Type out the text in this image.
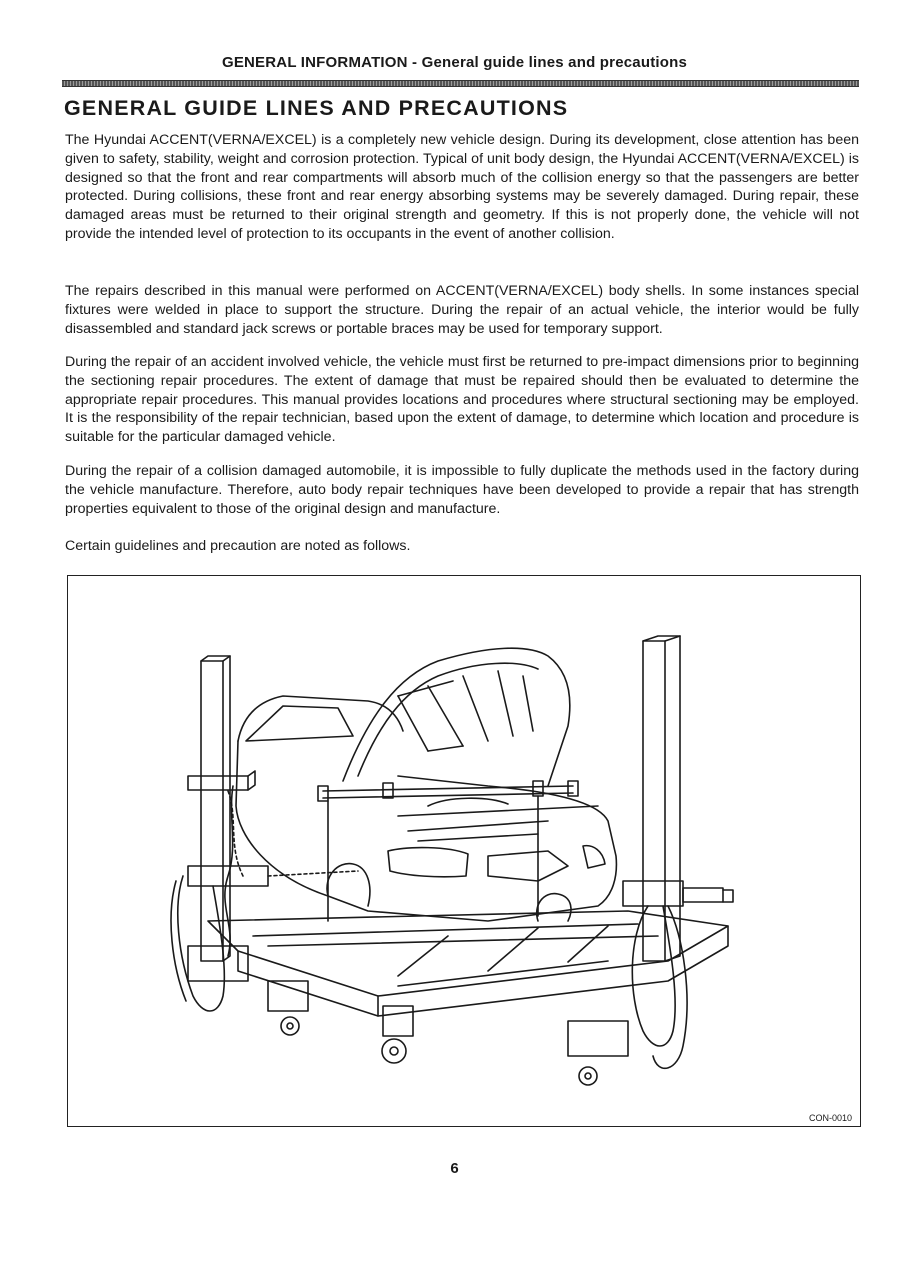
GENERAL INFORMATION - General guide lines and precautions
GENERAL GUIDE LINES AND PRECAUTIONS

The Hyundai ACCENT(VERNA/EXCEL) is a completely new vehicle design. During its development, close attention has been given to safety, stability, weight and corrosion protection. Typical of unit body design, the Hyundai ACCENT(VERNA/EXCEL) is designed so that the front and rear compartments will absorb much of the collision energy so that the passengers are better protected. During collisions, these front and rear energy absorbing systems may be severely damaged. During repair, these damaged areas must be returned to their original strength and geometry. If this is not properly done, the vehicle will not provide the intended level of protection to its occupants in the event of another collision.

The repairs described in this manual were performed on ACCENT(VERNA/EXCEL) body shells. In some instances special fixtures were welded in place to support the structure. During the repair of an actual vehicle, the interior would be fully disassembled and standard jack screws or portable braces may be used for temporary support.

During the repair of an accident involved vehicle, the vehicle must first be returned to pre-impact dimensions prior to beginning the sectioning repair procedures. The extent of damage that must be repaired should then be evaluated to determine the appropriate repair procedures. This manual provides locations and procedures where structural sectioning may be employed. It is the responsibility of the repair technician, based upon the extent of damage, to determine which location and procedure is suitable for the particular damaged vehicle.

During the repair of a collision damaged automobile, it is impossible to fully duplicate the methods used in the factory during the vehicle manufacture. Therefore, auto body repair techniques have been developed to provide a repair that has strength properties equivalent to those of the original design and manufacture.

Certain guidelines and precaution are noted as follows.

CON-0010
6
